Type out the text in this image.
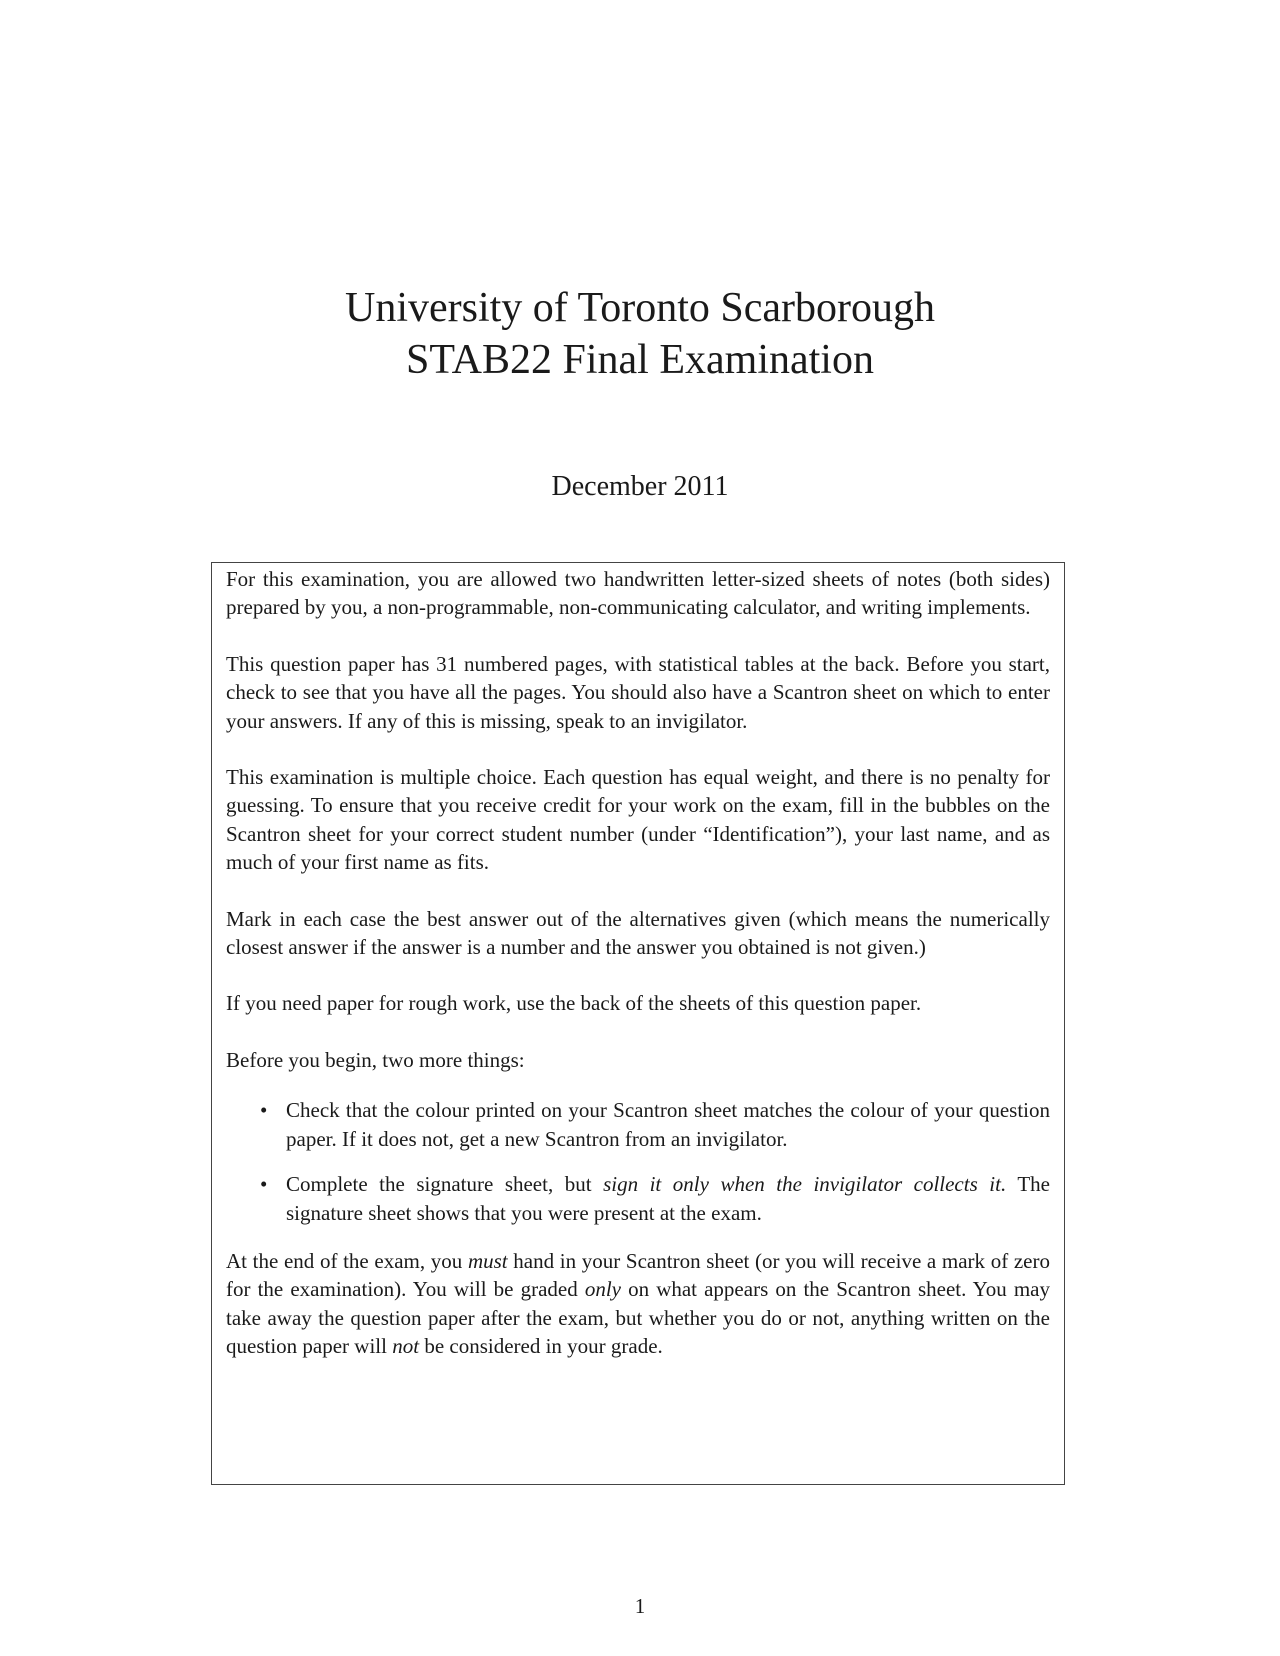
University of Toronto Scarborough
STAB22 Final Examination
December 2011

For this examination, you are allowed two handwritten letter-sized sheets of notes (both sides) prepared by you, a non-programmable, non-communicating calculator, and writing implements.

This question paper has 31 numbered pages, with statistical tables at the back. Before you start, check to see that you have all the pages. You should also have a Scantron sheet on which to enter your answers. If any of this is missing, speak to an invigilator.

This examination is multiple choice. Each question has equal weight, and there is no penalty for guessing. To ensure that you receive credit for your work on the exam, fill in the bubbles on the Scantron sheet for your correct student number (under “Identification”), your last name, and as much of your first name as fits.

Mark in each case the best answer out of the alternatives given (which means the numerically closest answer if the answer is a number and the answer you obtained is not given.)

If you need paper for rough work, use the back of the sheets of this question paper.

Before you begin, two more things:

• Check that the colour printed on your Scantron sheet matches the colour of your question paper. If it does not, get a new Scantron from an invigilator.
• Complete the signature sheet, but sign it only when the invigilator collects it. The signature sheet shows that you were present at the exam.

At the end of the exam, you must hand in your Scantron sheet (or you will receive a mark of zero for the examination). You will be graded only on what appears on the Scantron sheet. You may take away the question paper after the exam, but whether you do or not, anything written on the question paper will not be considered in your grade.

1
